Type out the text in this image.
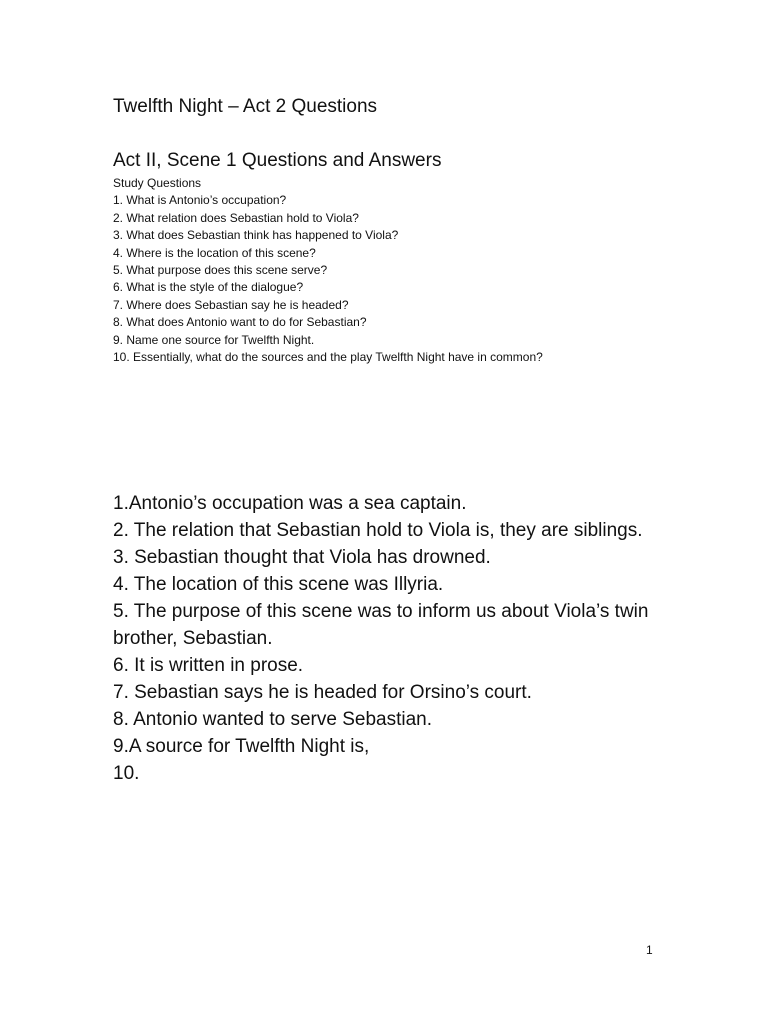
Twelfth Night – Act 2 Questions
Act II, Scene 1 Questions and Answers
Study Questions
1. What is Antonio’s occupation?
2. What relation does Sebastian hold to Viola?
3. What does Sebastian think has happened to Viola?
4. Where is the location of this scene?
5. What purpose does this scene serve?
6. What is the style of the dialogue?
7. Where does Sebastian say he is headed?
8. What does Antonio want to do for Sebastian?
9. Name one source for Twelfth Night.
10. Essentially, what do the sources and the play Twelfth Night have in common?
1.Antonio’s occupation was a sea captain.
2. The relation that Sebastian hold to Viola is, they are siblings.
3. Sebastian thought that Viola has drowned.
4. The location of this scene was Illyria.
5. The purpose of this scene was to inform us about Viola’s twin brother, Sebastian.
6. It is written in prose.
7. Sebastian says he is headed for Orsino’s court.
8. Antonio wanted to serve Sebastian.
9.A source for Twelfth Night is,
10.
1
